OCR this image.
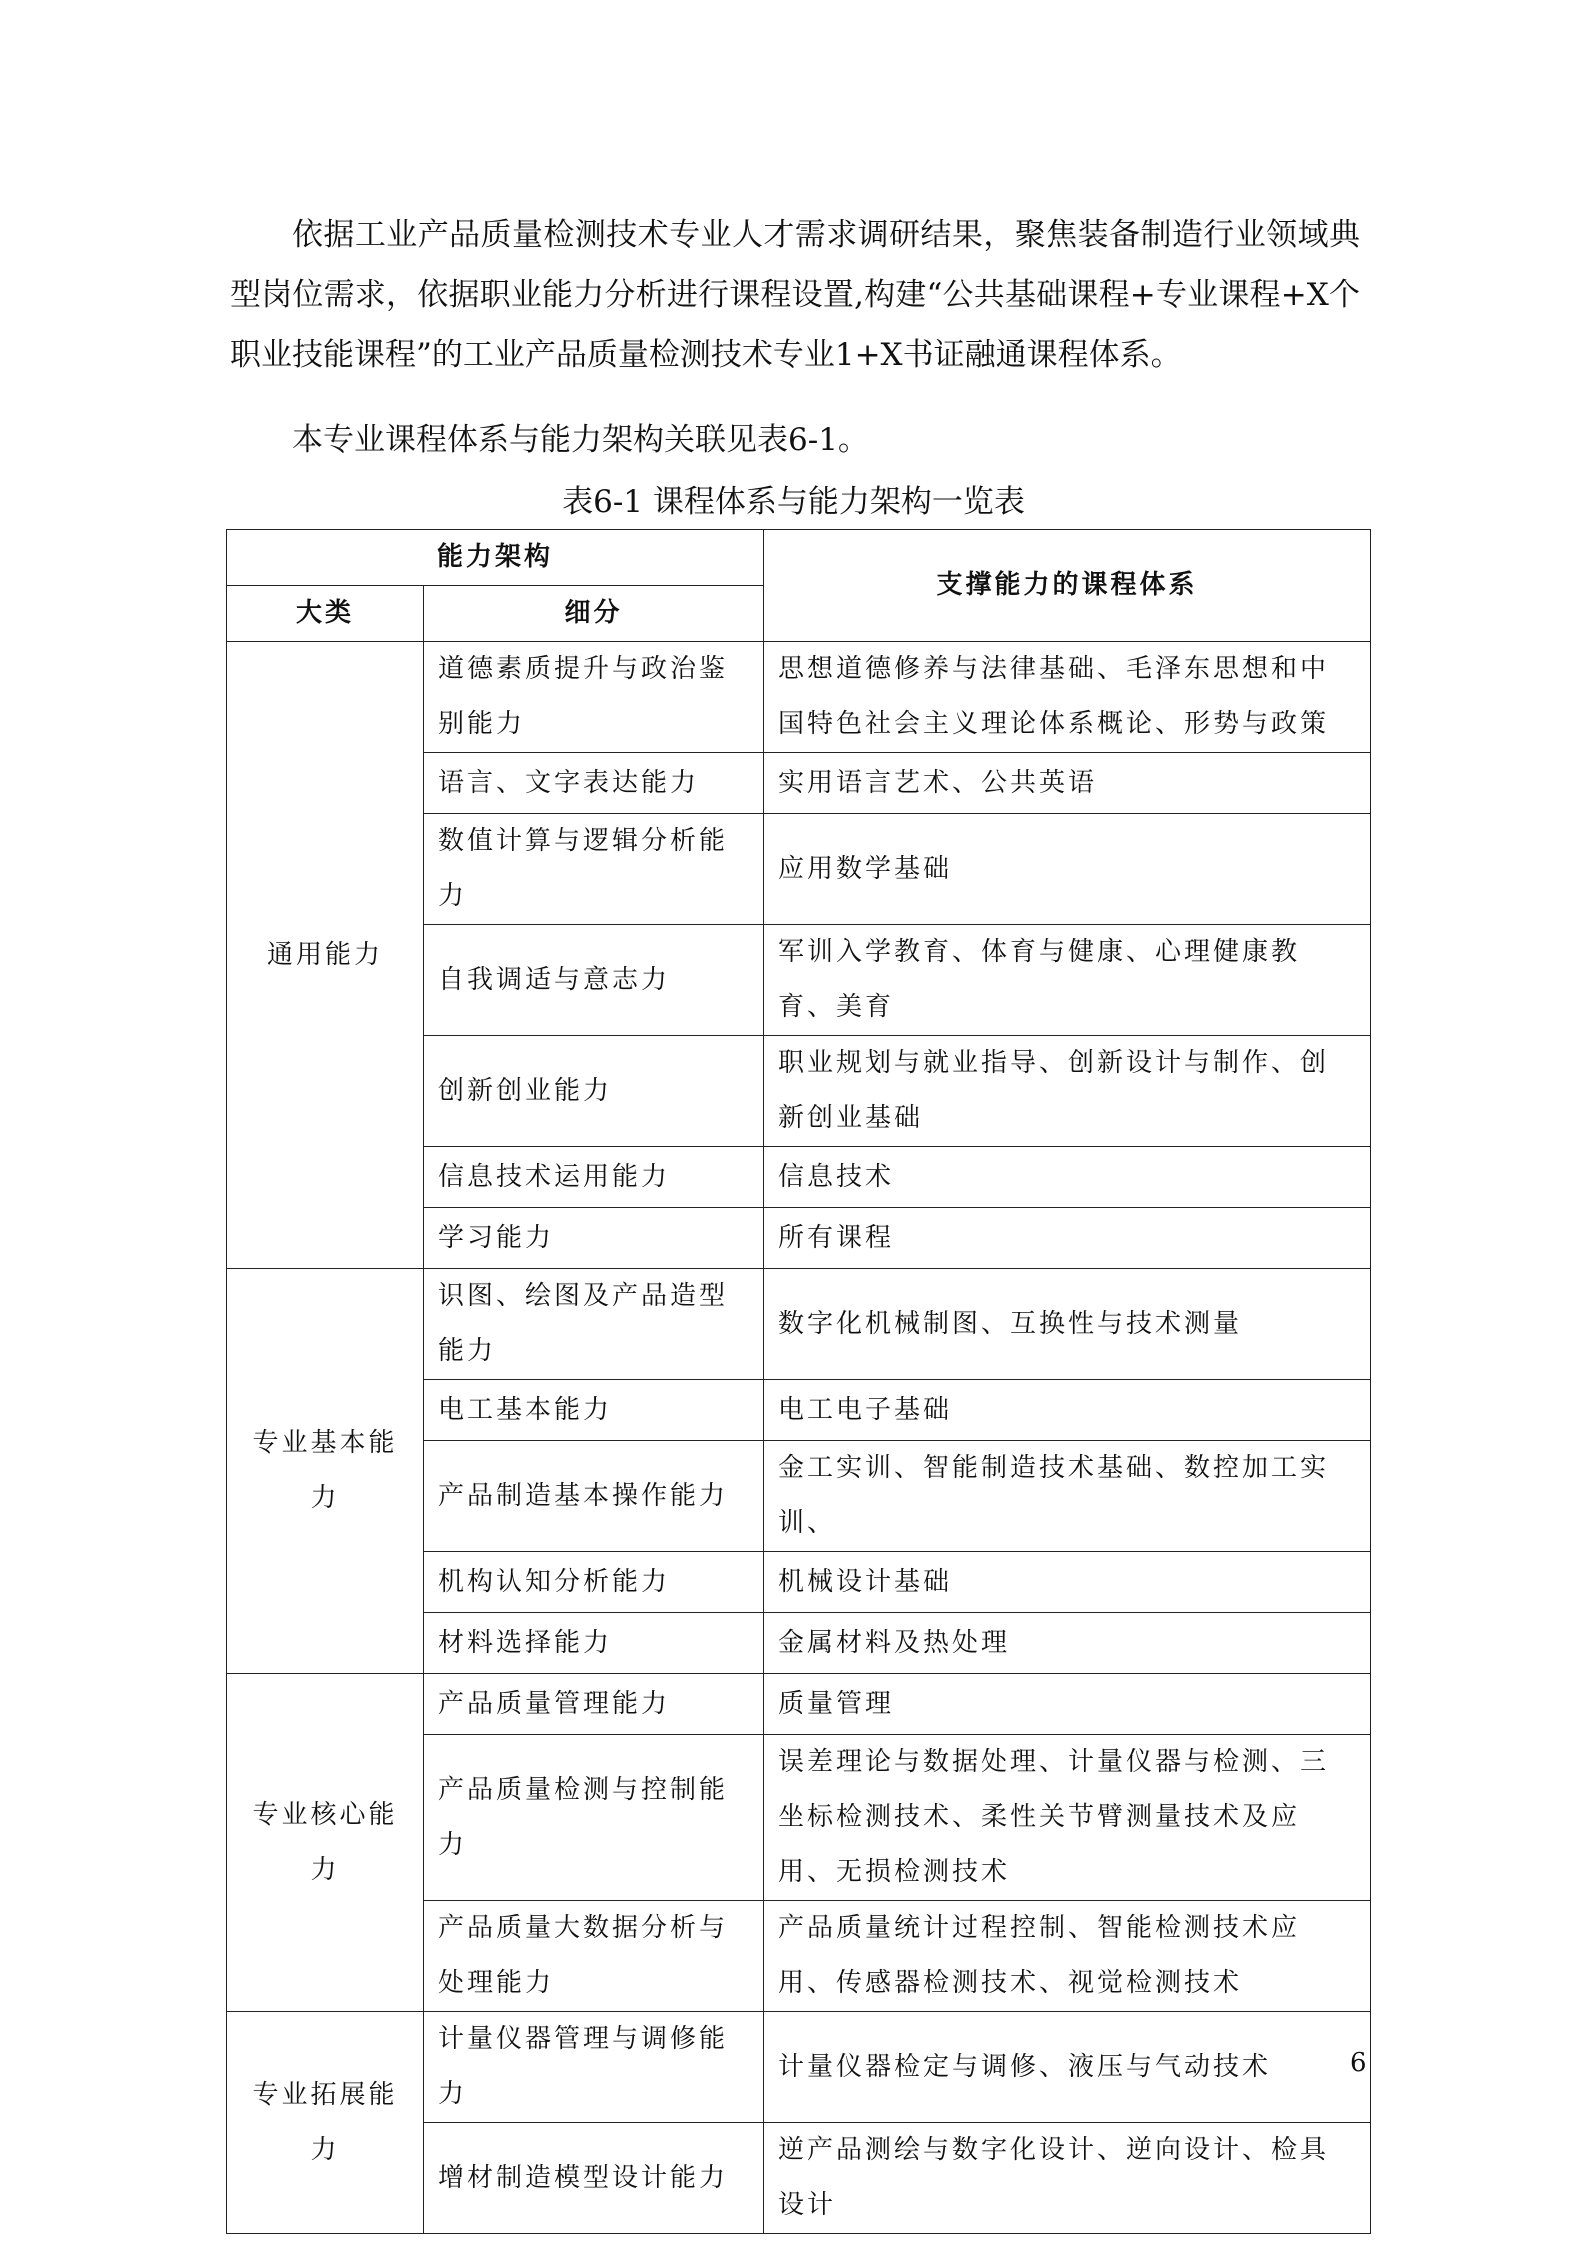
依据工业产品质量检测技术专业人才需求调研结果，聚焦装备制造行业领域典型岗位需求，依据职业能力分析进行课程设置,构建“公共基础课程+专业课程+X个职业技能课程”的工业产品质量检测技术专业1+X书证融通课程体系。

本专业课程体系与能力架构关联见表6-1。

表6-1 课程体系与能力架构一览表
能力架构		支撑能力的课程体系
大类	细分	
通用能力	道德素质提升与政治鉴别能力	思想道德修养与法律基础、毛泽东思想和中国特色社会主义理论体系概论、形势与政策
	语言、文字表达能力	实用语言艺术、公共英语
	数值计算与逻辑分析能力	应用数学基础
	自我调适与意志力	军训入学教育、体育与健康、心理健康教育、美育
	创新创业能力	职业规划与就业指导、创新设计与制作、创新创业基础
	信息技术运用能力	信息技术
	学习能力	所有课程
专业基本能力	识图、绘图及产品造型能力	数字化机械制图、互换性与技术测量
	电工基本能力	电工电子基础
	产品制造基本操作能力	金工实训、智能制造技术基础、数控加工实训、
	机构认知分析能力	机械设计基础
	材料选择能力	金属材料及热处理
专业核心能力	产品质量管理能力	质量管理
	产品质量检测与控制能力	误差理论与数据处理、计量仪器与检测、三坐标检测技术、柔性关节臂测量技术及应用、无损检测技术
	产品质量大数据分析与处理能力	产品质量统计过程控制、智能检测技术应用、传感器检测技术、视觉检测技术
专业拓展能力	计量仪器管理与调修能力	计量仪器检定与调修、液压与气动技术
	增材制造模型设计能力	逆产品测绘与数字化设计、逆向设计、检具设计
6
